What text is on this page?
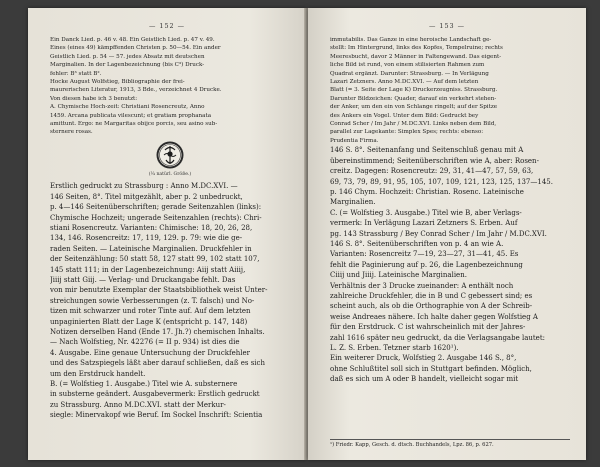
— 152 —
Ein Danck Lied. p. 46 v. 48. Ein Geistlich Lied. p. 47 v. 49.
Eines (eines 49) kämpffenden Christen p. 50—54. Ein ander
Geistlich Lied. p. 54 — 57. jedes Absatz mit deutschen
Marginalien. In der Lagenbezeichnung (bis C³) Druck-
fehler: B³ statt B².
Hocke August Wolfstieg, Bibliographie der frei-
maurerischen Literatur, 1913, 3 Bde., verzeichnet 4 Drucke.
Von diesen habe ich 3 benutzt:
A. Chymische Hoch-zeit: Christiani Rosencreutz, Anno
1459. Arcana publicata vilescunt; et gratiam prophanata
amittunt. Ergo: ne Margaritas obijce porcis, seu asino sub-
sternere rosas.
(¼ natürl. Größe.)
Erstlich gedruckt zu Strassburg : Anno M.DC.XVI. —
146 Seiten, 8°. Titel mitgezählt, aber p. 2 unbedruckt,
p. 4—146 Seitenüberschriften; gerade Seitenzahlen (links):
Chymische Hochzeit; ungerade Seitenzahlen (rechts): Chri-
stiani Rosencreutz. Varianten: Chimische: 18, 20, 26, 28,
134, 146. Rosencreitz: 17, 119, 129. p. 79: wie die ge-
raden Seiten. — Lateinische Marginalien. Druckfehler in
der Seitenzählung: 50 statt 58, 127 statt 99, 102 statt 107,
145 statt 111; in der Lagenbezeichnung: Aiij statt Aiiij,
Jiiij statt Giij. — Verlag- und Druckangabe fehlt. Das
von mir benutzte Exemplar der Staatsbibliothek weist Unter-
streichungen sowie Verbesserungen (z. T. falsch) und No-
tizen mit schwarzer und roter Tinte auf. Auf dem letzten
unpaginierten Blatt der Lage K (entspricht p. 147, 148)
Notizen derselben Hand (Ende 17. Jh.?) chemischen Inhalts.
— Nach Wolfstieg, Nr. 42276 (= II p. 934) ist dies die
4. Ausgabe. Eine genaue Untersuchung der Druckfehler
und des Satzspiegels läßt aber darauf schließen, daß es sich
um den Erstdruck handelt.
B. (= Wolfstieg 1. Ausgabe.) Titel wie A. substernere
in substerne geändert. Ausgabevermerk: Erstlich gedruckt
zu Strassburg. Anno M.DC.XVI. statt der Merkur-
siegle: Minervakopf wie Beruf. Im Sockel Inschrift: Scientia
— 153 —
immutabilis. Das Ganze in eine heroische Landschaft ge-
stellt: Im Hintergrund, links des Kopfes, Tempelruine; rechts
Meeresbucht, davor 2 Männer in Faltengewand. Das eigent-
liche Bild ist rund, von einem stilisierten Rahmen zum
Quadrat ergänzt. Darunter: Strassburg. — In Verlägung
Lazari Zetzners. Anno M.DC.XVI. — Auf dem letzten
Blatt (= 3. Seite der Lage K) Druckerzeugniss. Strassburg.
Darunter Bildzeichen: Quader, darauf ein verkehrt stehen-
der Anker, um den ein von Schlange ringelt; auf der Spitze
des Ankers ein Vogel. Unter dem Bild: Gedruckt bey
Conrad Scher / Im Jahr / M.DC.XVI. Links neben dem Bild,
parallel zur Lagekante: Simplex Spes; rechts: ebenso:
Prudentia Firma.
146 S. 8°. Seitenanfang und Seitenschluß genau mit A
übereinstimmend; Seitenüberschriften wie A, aber: Rosen-
creitz. Dagegen: Rosencreutz: 29, 31, 41—47, 57, 59, 63,
69, 73, 79, 89, 91, 95, 105, 107, 109, 121, 123, 125, 137—145.
p. 146 Chym. Hochzeit: Christian. Rosenc. Lateinische
Marginalien.
C. (= Wolfstieg 3. Ausgabe.) Titel wie B, aber Verlags-
vermerk: In Verlägung Lazari Zetzners S. Erben. Auf
pg. 143 Strassburg / Bey Conrad Scher / Im Jahr / M.DC.XVI.
146 S. 8°. Seitenüberschriften von p. 4 an wie A.
Varianten: Rosencreitz 7—19, 23—27, 31—41, 45. Es
fehlt die Paginierung auf p. 26, die Lagenbezeichnung
Ciiij und Jiiij. Lateinische Marginalien.
Verhältnis der 3 Drucke zueinander: A enthält noch
zahlreiche Druckfehler, die in B und C gebessert sind; es
scheint auch, als ob die Orthographie von A der Schreib-
weise Andreaes nähere. Ich halte daher gegen Wolfstieg A
für den Erstdruck. C ist wahrscheinlich mit der Jahres-
zahl 1616 später neu gedruckt, da die Verlagsangabe lautet:
L. Z. S. Erben. Tetzner starb 1620¹).
Ein weiterer Druck, Wolfstieg 2. Ausgabe 146 S., 8°,
ohne Schlußtitel soll sich in Stuttgart befinden. Möglich,
daß es sich um A oder B handelt, vielleicht sogar mit
¹) Friedr. Kapp, Gesch. d. dtsch. Buchhandels, Lpz. 86, p. 627.
